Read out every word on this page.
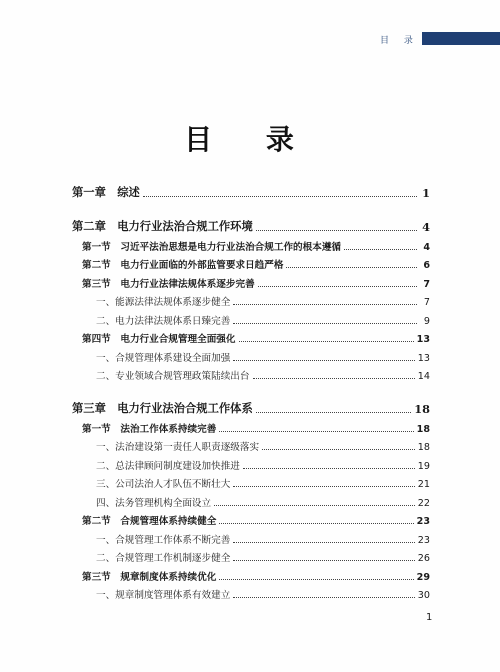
目 录
目 录
第一章　综述	1
第二章　电力行业法治合规工作环境	4
第一节　习近平法治思想是电力行业法治合规工作的根本遵循	4
第二节　电力行业面临的外部监管要求日趋严格	6
第三节　电力行业法律法规体系逐步完善	7
一、能源法律法规体系逐步健全	7
二、电力法律法规体系日臻完善	9
第四节　电力行业合规管理全面强化	13
一、合规管理体系建设全面加强	13
二、专业领域合规管理政策陆续出台	14
第三章　电力行业法治合规工作体系	18
第一节　法治工作体系持续完善	18
一、法治建设第一责任人职责逐级落实	18
二、总法律顾问制度建设加快推进	19
三、公司法治人才队伍不断壮大	21
四、法务管理机构全面设立	22
第二节　合规管理体系持续健全	23
一、合规管理工作体系不断完善	23
二、合规管理工作机制逐步健全	26
第三节　规章制度体系持续优化	29
一、规章制度管理体系有效建立	30
1
